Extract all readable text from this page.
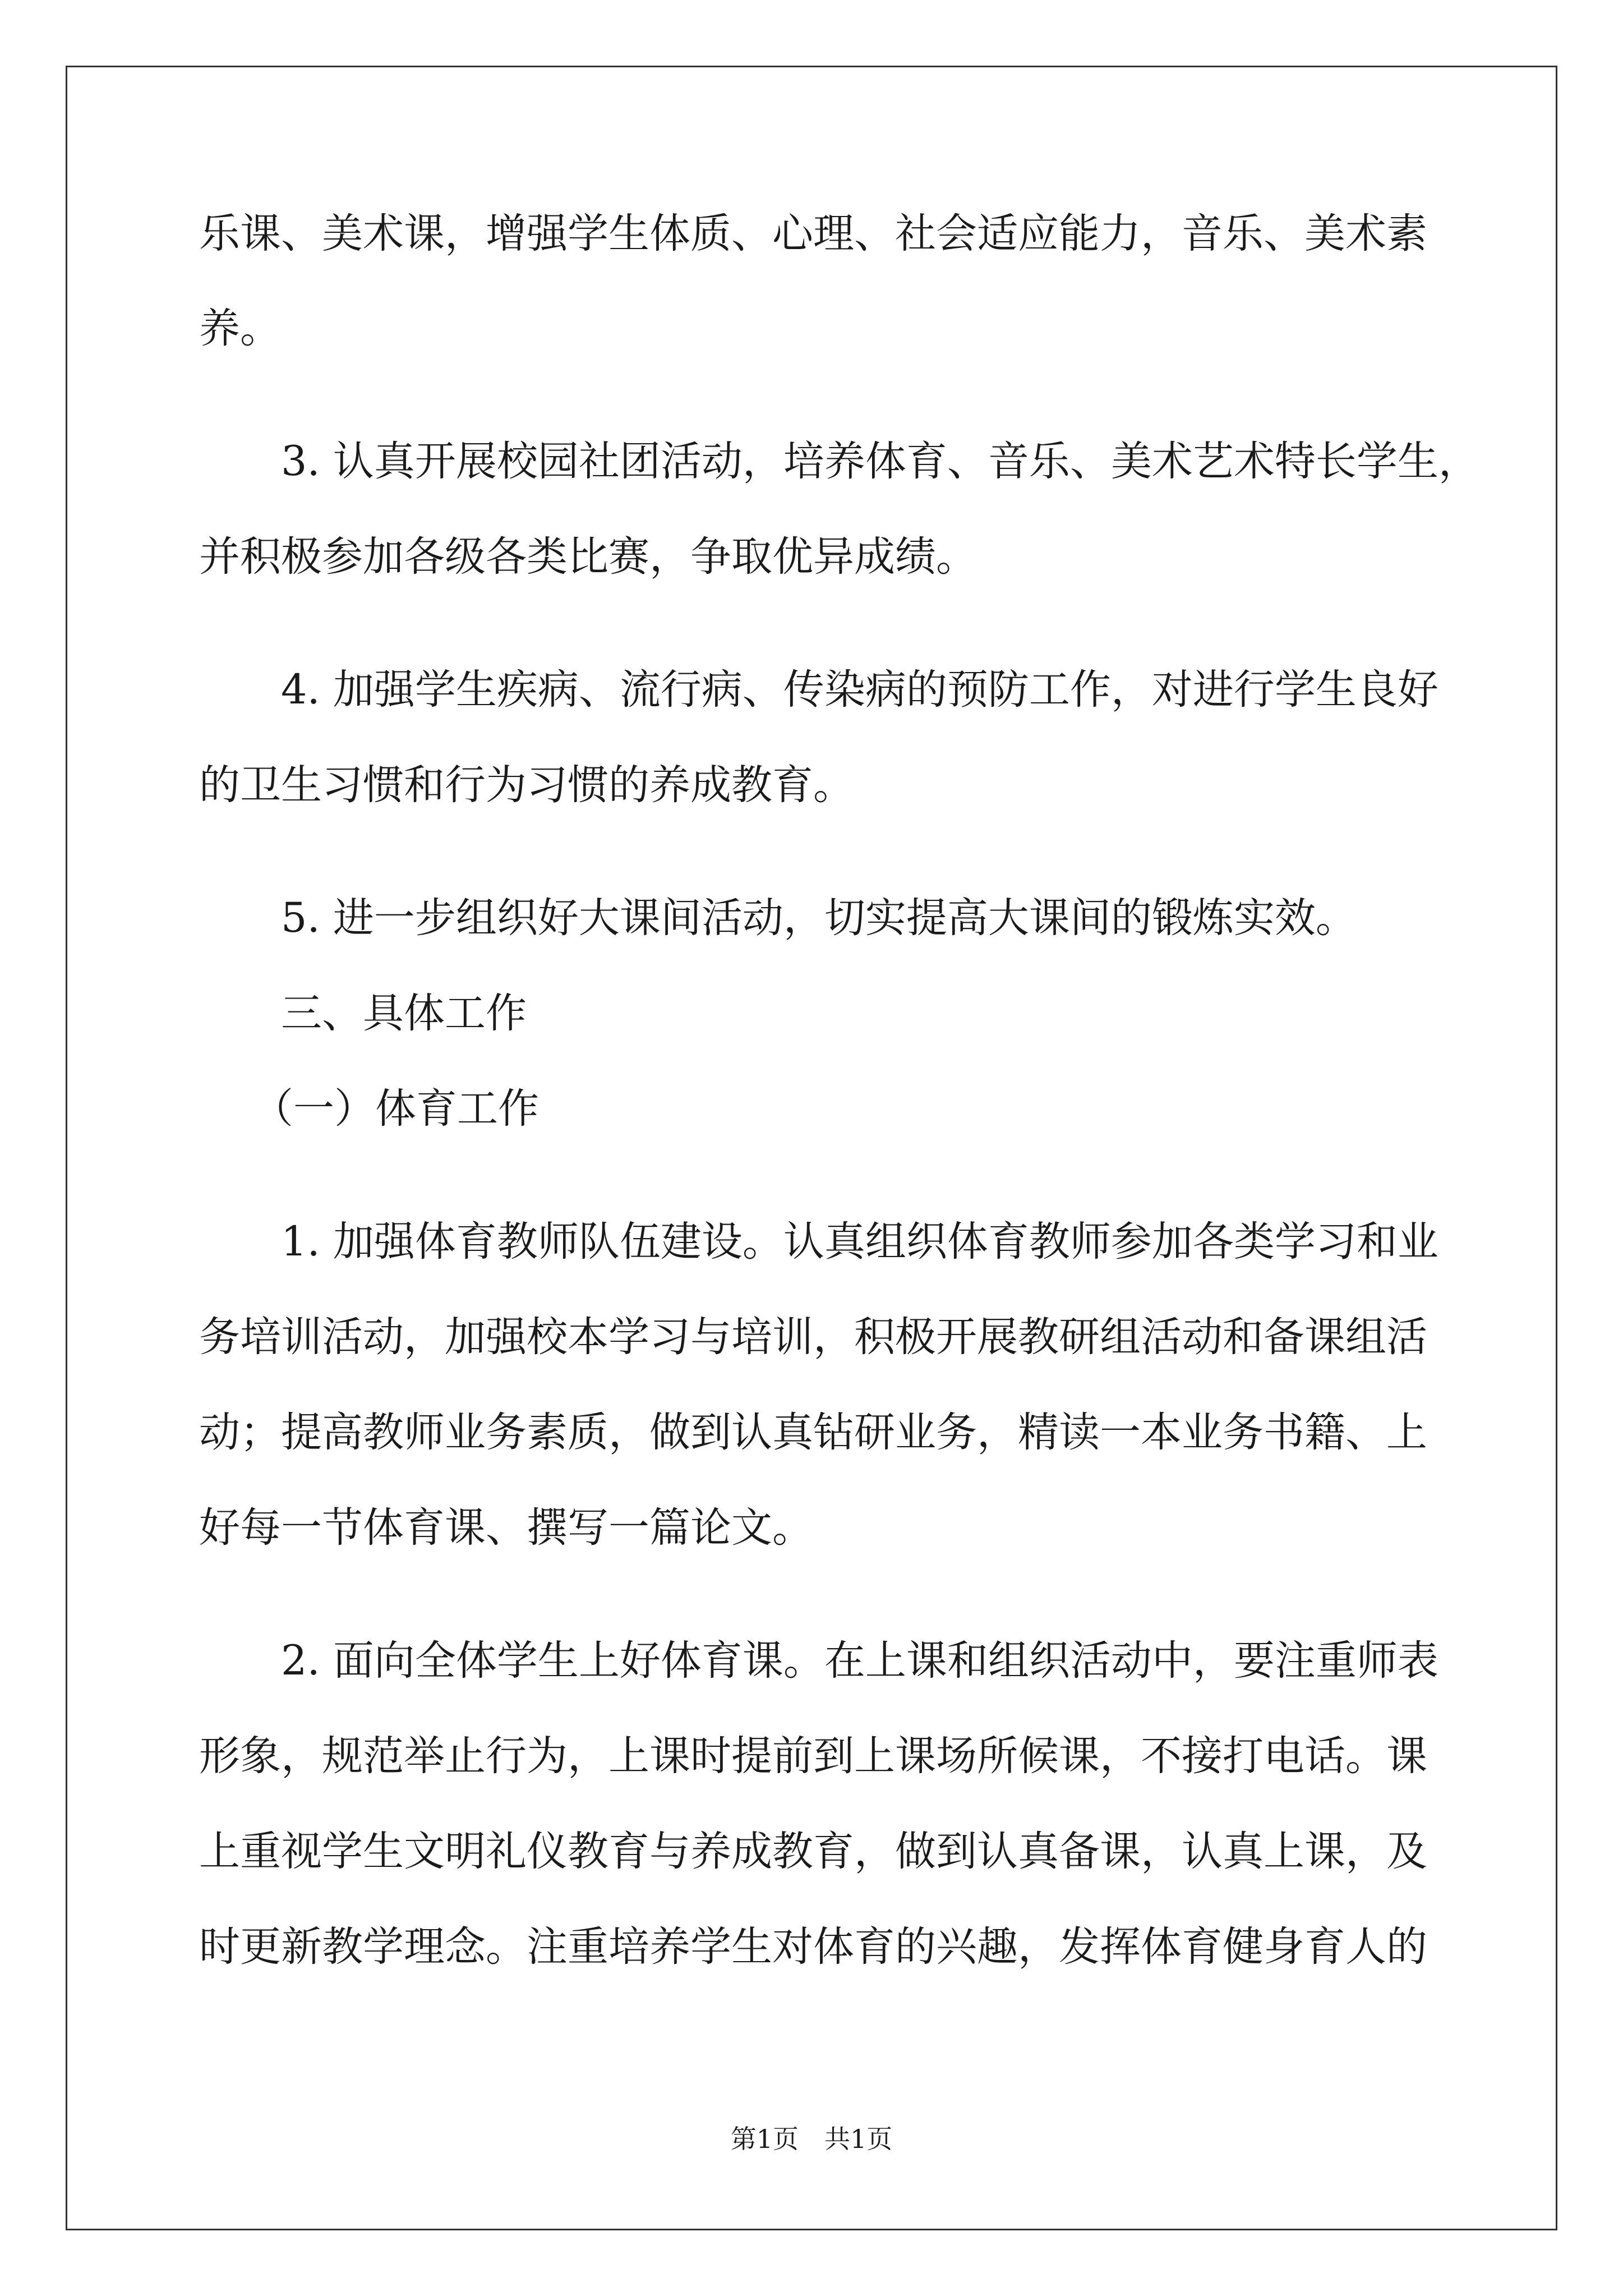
乐课、美术课，增强学生体质、心理、社会适应能力，音乐、美术素
养。
3. 认真开展校园社团活动，培养体育、音乐、美术艺术特长学生，
并积极参加各级各类比赛，争取优异成绩。
4. 加强学生疾病、流行病、传染病的预防工作，对进行学生良好
的卫生习惯和行为习惯的养成教育。
5. 进一步组织好大课间活动，切实提高大课间的锻炼实效。
三、具体工作
（一）体育工作
1. 加强体育教师队伍建设。认真组织体育教师参加各类学习和业
务培训活动，加强校本学习与培训，积极开展教研组活动和备课组活
动；提高教师业务素质，做到认真钻研业务，精读一本业务书籍、上
好每一节体育课、撰写一篇论文。
2. 面向全体学生上好体育课。在上课和组织活动中，要注重师表
形象，规范举止行为，上课时提前到上课场所候课，不接打电话。课
上重视学生文明礼仪教育与养成教育，做到认真备课，认真上课，及
时更新教学理念。注重培养学生对体育的兴趣，发挥体育健身育人的
第1页　共1页
